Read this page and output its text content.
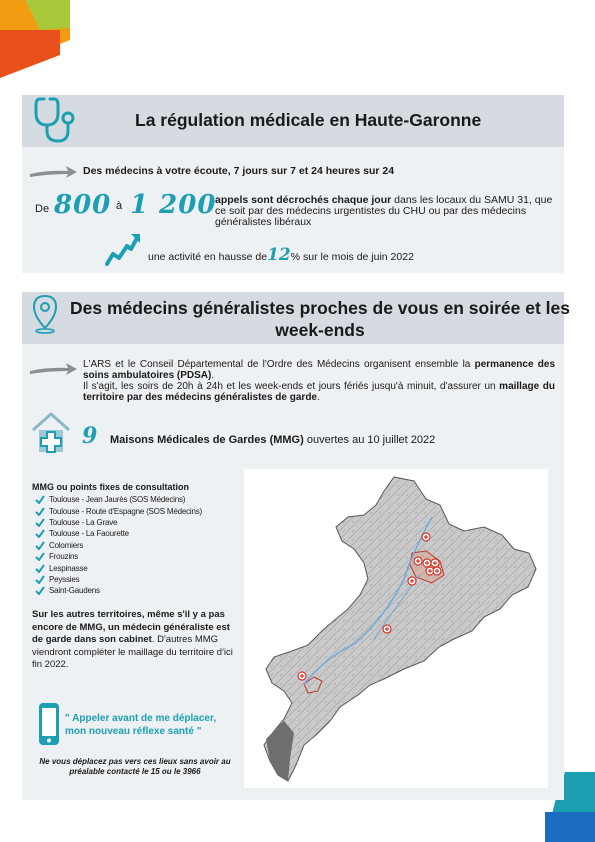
La régulation médicale en Haute-Garonne
Des médecins à votre écoute, 7 jours sur 7 et 24 heures sur 24
De 800 à 1 200
appels sont décrochés chaque jour dans les locaux du SAMU 31, que ce soit par des médecins urgentistes du CHU ou par des médecins généralistes libéraux
une activité en hausse de12% sur le mois de juin 2022
Des médecins généralistes proches de vous en soirée et les week-ends
L'ARS et le Conseil Départemental de l'Ordre des Médecins organisent ensemble la permanence des soins ambulatoires (PDSA).
Il s'agit, les soirs de 20h à 24h et les week-ends et jours fériés jusqu'à minuit, d'assurer un maillage du territoire par des médecins généralistes de garde.
9 Maisons Médicales de Gardes (MMG) ouvertes au 10 juillet 2022
MMG ou points fixes de consultation
Toulouse - Jean Jaurès (SOS Médecins)
Toulouse - Route d'Espagne (SOS Médecins)
Toulouse - La Grave
Toulouse - La Faourette
Colomiers
Frouzins
Lespinasse
Peyssies
Saint-Gaudens
Sur les autres territoires, même s'il y a pas encore de MMG, un médecin généraliste est de garde dans son cabinet. D'autres MMG viendront compléter le maillage du territoire d'ici fin 2022.
" Appeler avant de me déplacer, mon nouveau réflexe santé "
Ne vous déplacez pas vers ces lieux sans avoir au préalable contacté le 15 ou le 3966
